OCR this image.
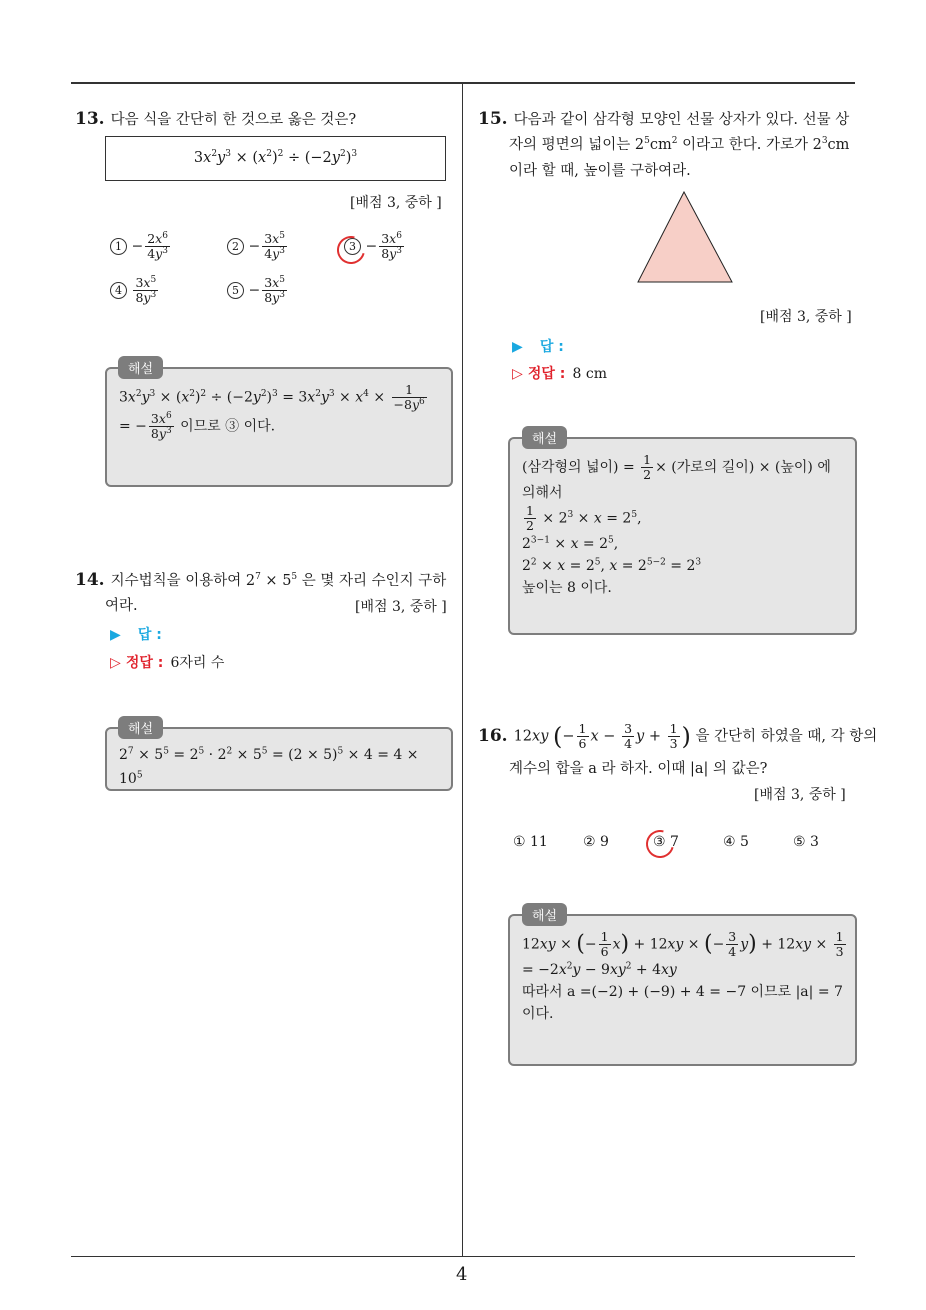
4
13. 다음 식을 간단히 한 것으로 옳은 것은?
$3x^2y^3 \times (x^2)^2 \div (-2y^2)^3$
[배점 3, 중하 ]
$1 - \frac{2x^6}{4y^3}$	$2 - \frac{3x^5}{4y^3}$	$3 - \frac{3x^6}{8y^3}$
$4 \frac{3x^5}{8y^3}$	$5 - \frac{3x^5}{8y^3}$
$3x^2y^3 \times (x^2)^2 \div (-2y^2)^3 = 3x^2y^3 \times x^4 \times \frac{1}{-8y^6}$
= − $\frac{3x^6}{8y^3}$ 이므로 ③ 이다.
해설
14. 지수법칙을 이용하여 $2^7 \times 5^5$ 은 몇 자리 수인지 구하
여라.	[배점 3, 중하 ]
▶ 답 :
▷ 정답 : 6자리 수
$2^7 \times 5^5 = 2^5 \cdot 2^2 \times 5^5 = (2 \times 5)^5 \times 4 = 4 \times 10^5$
해설
15. 다음과 같이 삼각형 모양인 선물 상자가 있다. 선물 상
자의 평면의 넓이는 $2^5cm^2$ 이라고 한다. 가로가 $2^3cm$
이라 할 때, 높이를 구하여라.
[배점 3, 중하 ]
▶ 답 :
▷ 정답 : 8 cm
(삼각형의 넓이) = $\frac{1}{2}$ × (가로의 길이) × (높이) 에
의해서
$\frac{1}{2} \times 2^3 \times x = 2^5$,
$2^{3-1} \times x = 2^5$,
$2^2 \times x = 2^5$, $x = 2^{5-2} = 2^3$
높이는 8 이다.
해설
16. 12xy (− $\frac{1}{6}$ $x - \frac{3}{4}$ $y + \frac{1}{3}$ ) 을 간단히 하였을 때, 각 항의
계수의 합을 a 라 하자. 이때 |a| 의 값은?
[배점 3, 중하 ]
① 11	② 9	③ 7	④ 5	⑤ 3
12xy × (− $\frac{1}{6} x) + 12xy$ × (− $\frac{3}{4} y) + 12xy \times \frac{1}{3}$
= $-2x^2y - 9xy^2 + 4xy$
따라서 a =(−2) + (−9) + 4 = −7 이므로 |a| = 7
이다.
해설
